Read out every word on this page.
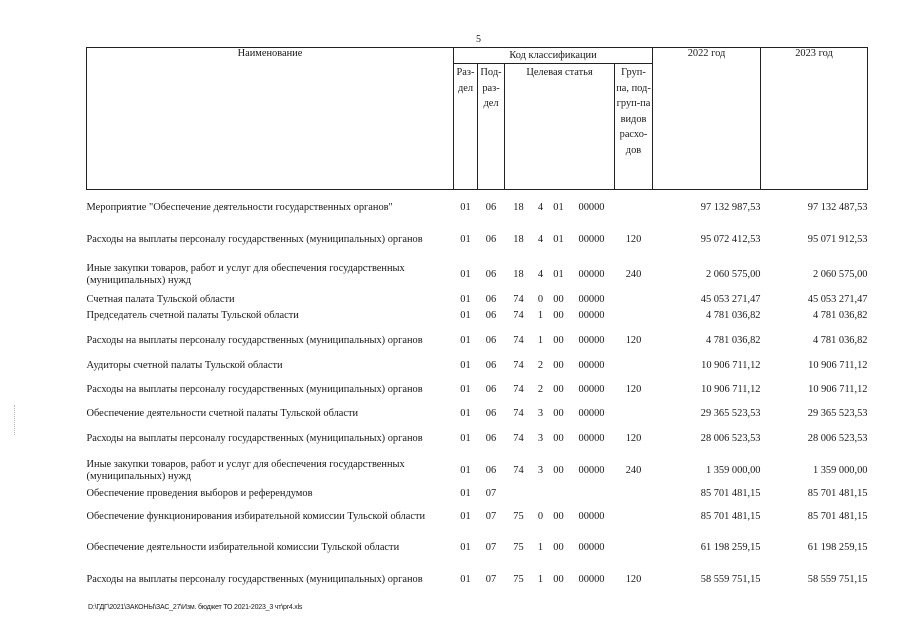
5
Наименование	Код классификации							2022 год	2023 год
	Раз-дел	Под-раз-дел	Целевая статья				Груп-па, под-груп-па видов расхо-дов		

Мероприятие "Обеспечение деятельности государственных органов"	01	06	18	4	01	00000		97 132 987,53	97 132 487,53
Расходы на выплаты персоналу государственных (муниципальных) органов	01	06	18	4	01	00000	120	95 072 412,53	95 071 912,53
Иные закупки товаров, работ и услуг для обеспечения государственных (муниципальных) нужд	01	06	18	4	01	00000	240	2 060 575,00	2 060 575,00
Счетная палата Тульской области	01	06	74	0	00	00000		45 053 271,47	45 053 271,47
Председатель счетной палаты Тульской области	01	06	74	1	00	00000		4 781 036,82	4 781 036,82
Расходы на выплаты персоналу государственных (муниципальных) органов	01	06	74	1	00	00000	120	4 781 036,82	4 781 036,82
Аудиторы счетной палаты Тульской области	01	06	74	2	00	00000		10 906 711,12	10 906 711,12
Расходы на выплаты персоналу государственных (муниципальных) органов	01	06	74	2	00	00000	120	10 906 711,12	10 906 711,12
Обеспечение деятельности счетной палаты Тульской области	01	06	74	3	00	00000		29 365 523,53	29 365 523,53
Расходы на выплаты персоналу государственных (муниципальных) органов	01	06	74	3	00	00000	120	28 006 523,53	28 006 523,53
Иные закупки товаров, работ и услуг для обеспечения государственных (муниципальных) нужд	01	06	74	3	00	00000	240	1 359 000,00	1 359 000,00
Обеспечение проведения выборов и референдумов	01	07						85 701 481,15	85 701 481,15
Обеспечение функционирования избирательной комиссии Тульской области	01	07	75	0	00	00000		85 701 481,15	85 701 481,15
Обеспечение деятельности избирательной комиссии Тульской области	01	07	75	1	00	00000		61 198 259,15	61 198 259,15
Расходы на выплаты персоналу государственных (муниципальных) органов	01	07	75	1	00	00000	120	58 559 751,15	58 559 751,15
D:\ГДГ\2021\ЗАКОНЫ\ЗАС_27\Изм. бюджет ТО 2021-2023_3 чт\pr4.xls
